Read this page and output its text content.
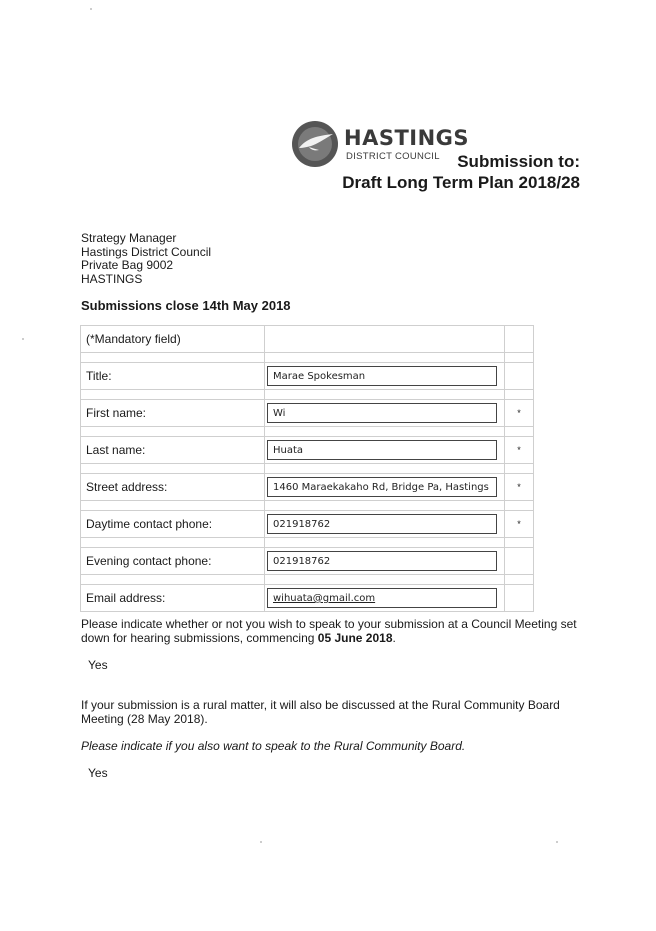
HASTINGS
DISTRICT COUNCIL Submission to:
Draft Long Term Plan 2018/28
Strategy Manager
Hastings District Council
Private Bag 9002
HASTINGS
Submissions close 14th May 2018
(*Mandatory field)		

Title:	Marae Spokesman	

First name:	Wi	*

Last name:	Huata	*

Street address:	1460 Maraekakaho Rd, Bridge Pa, Hastings	*

Daytime contact phone:	021918762	*

Evening contact phone:	021918762	

Email address:	wihuata@gmail.com	

Please indicate whether or not you wish to speak to your submission at a Council Meeting set down for hearing submissions, commencing 05 June 2018.
Yes
If your submission is a rural matter, it will also be discussed at the Rural Community Board Meeting (28 May 2018).
Please indicate if you also want to speak to the Rural Community Board.
Yes
